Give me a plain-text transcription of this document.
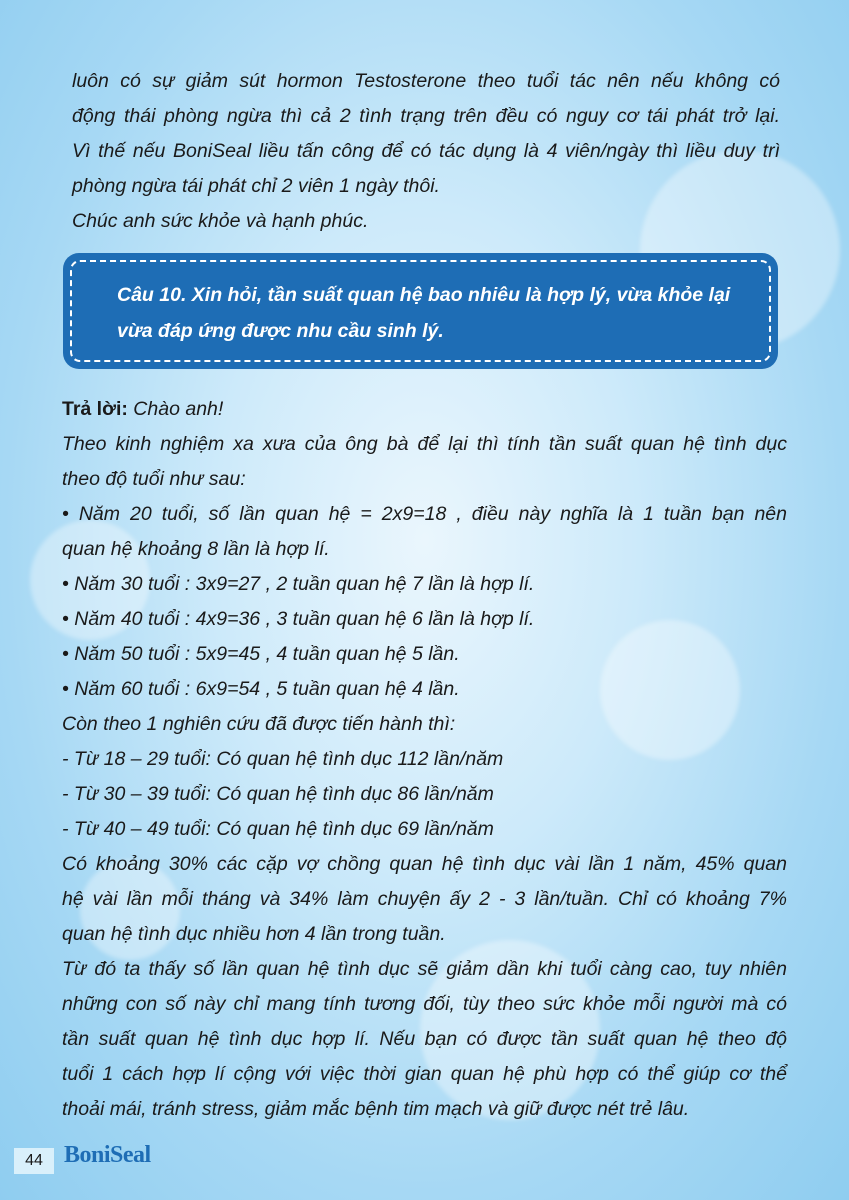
luôn có sự giảm sút hormon Testosterone theo tuổi tác nên nếu không có

động thái phòng ngừa thì cả 2 tình trạng trên đều có nguy cơ tái phát trở lại.

Vì thế nếu BoniSeal liều tấn công để có tác dụng là 4 viên/ngày thì liều duy trì

phòng ngừa tái phát chỉ 2 viên 1 ngày thôi.

Chúc anh sức khỏe và hạnh phúc.

Câu 10. Xin hỏi, tần suất quan hệ bao nhiêu là hợp lý, vừa khỏe lại
vừa đáp ứng được nhu cầu sinh lý.

Trả lời: Chào anh!

Theo kinh nghiệm xa xưa của ông bà để lại thì tính tần suất quan hệ tình dục

theo độ tuổi như sau:

• Năm 20 tuổi, số lần quan hệ = 2x9=18 , điều này nghĩa là 1 tuần bạn nên

quan hệ khoảng 8 lần là hợp lí.

• Năm 30 tuổi : 3x9=27 , 2 tuần quan hệ 7 lần là hợp lí.

• Năm 40 tuổi : 4x9=36 , 3 tuần quan hệ 6 lần là hợp lí.

• Năm 50 tuổi : 5x9=45 , 4 tuần quan hệ 5 lần.

• Năm 60 tuổi : 6x9=54 , 5 tuần quan hệ 4 lần.

Còn theo 1 nghiên cứu đã được tiến hành thì:

- Từ 18 – 29 tuổi: Có quan hệ tình dục 112 lần/năm

- Từ 30 – 39 tuổi: Có quan hệ tình dục 86 lần/năm

- Từ 40 – 49 tuổi: Có quan hệ tình dục 69 lần/năm

Có khoảng 30% các cặp vợ chồng quan hệ tình dục vài lần 1 năm, 45% quan

hệ vài lần mỗi tháng và 34% làm chuyện ấy 2 - 3 lần/tuần. Chỉ có khoảng 7%

quan hệ tình dục nhiều hơn 4 lần trong tuần.

Từ đó ta thấy số lần quan hệ tình dục sẽ giảm dần khi tuổi càng cao, tuy nhiên

những con số này chỉ mang tính tương đối, tùy theo sức khỏe mỗi người mà có

tần suất quan hệ tình dục hợp lí. Nếu bạn có được tần suất quan hệ theo độ

tuổi 1 cách hợp lí cộng với việc thời gian quan hệ phù hợp có thể giúp cơ thể

thoải mái, tránh stress, giảm mắc bệnh tim mạch và giữ được nét trẻ lâu.

44 BoniSeal
